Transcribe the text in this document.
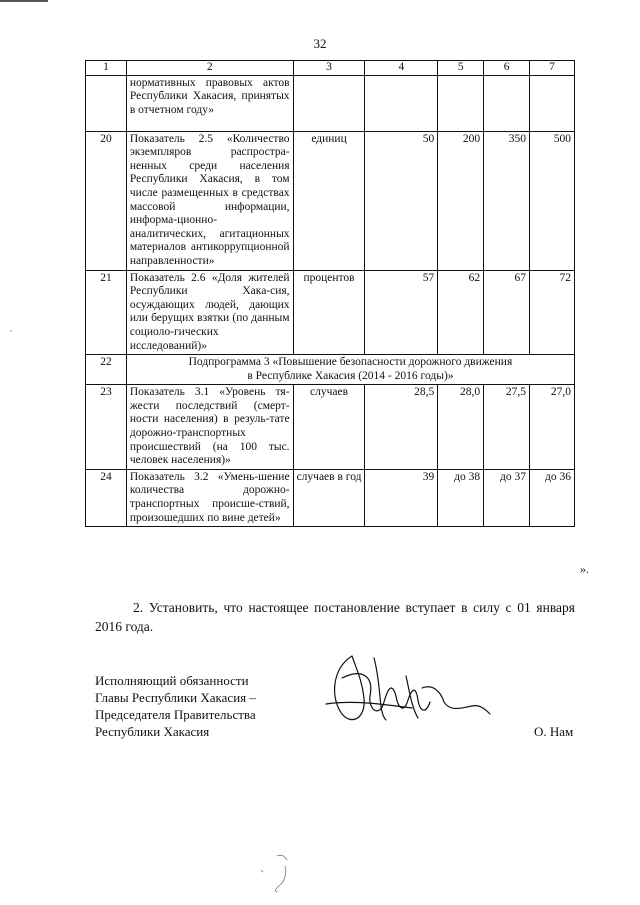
32
1	2	3	4	5	6	7
	нормативных правовых актов Республики Хакасия, принятых в отчетном году»					
20	Показатель 2.5 «Количество экземпляров распростра-ненных среди населения Республики Хакасия, в том числе размещенных в средствах массовой информации, информа-ционно-аналитических, агитационных материалов антикоррупционной направленности»	единиц	50	200	350	500
21	Показатель 2.6 «Доля жителей Республики Хака-сия, осуждающих людей, дающих или берущих взятки (по данным социоло-гических исследований)»	процентов	57	62	67	72
22	Подпрограмма 3 «Повышение безопасности дорожного движения
в Республике Хакасия (2014 - 2016 годы)»					

23	Показатель 3.1 «Уровень тя-жести последствий (смерт-ности населения) в резуль-тате дорожно-транспортных происшествий (на 100 тыс. человек населения)»	случаев	28,5	28,0	27,5	27,0
24	Показатель 3.2 «Умень-шение количества дорожно-транспортных происше-ствий, произошедших по вине детей»	случаев в год	39	до 38	до 37	до 36
».
2. Установить, что настоящее постановление вступает в силу с 01 января 2016 года.
Исполняющий обязанности
Главы Республики Хакасия –
Председателя Правительства
Республики Хакасия	О. Нам
